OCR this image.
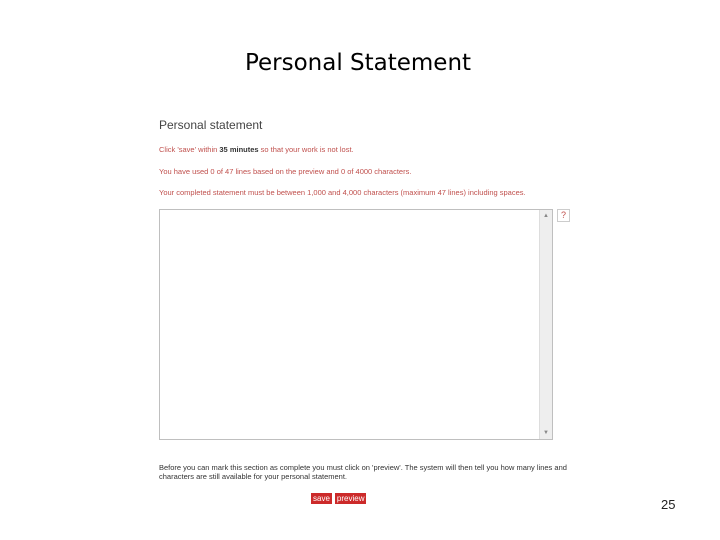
Personal Statement

Personal statement

Click 'save' within 35 minutes so that your work is not lost.

You have used 0 of 47 lines based on the preview and 0 of 4000 characters.

Your completed statement must be between 1,000 and 4,000 characters (maximum 47 lines) including spaces.

▲
▼
?

Before you can mark this section as complete you must click on 'preview'. The system will then tell you how many lines and characters are still available for your personal statement.

save preview	25
